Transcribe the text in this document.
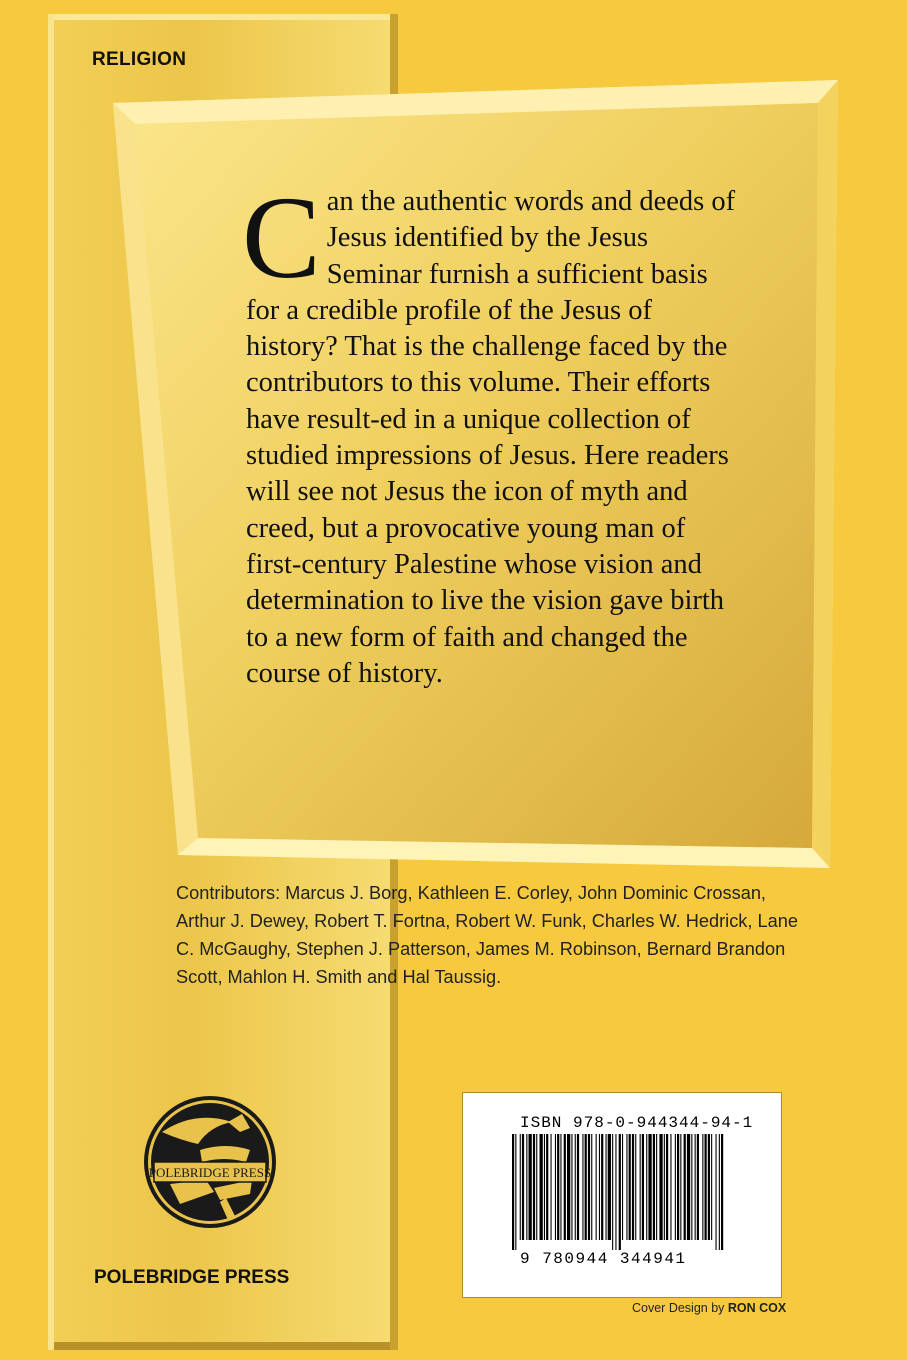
RELIGION
Can the authentic words and deeds of Jesus identified by the Jesus Seminar furnish a sufficient basis for a credible profile of the Jesus of history? That is the challenge faced by the contributors to this volume. Their efforts have result-ed in a unique collection of studied impressions of Jesus. Here readers will see not Jesus the icon of myth and creed, but a provocative young man of first-century Palestine whose vision and determination to live the vision gave birth to a new form of faith and changed the course of history.
Contributors: Marcus J. Borg, Kathleen E. Corley, John Dominic Crossan, Arthur J. Dewey, Robert T. Fortna, Robert W. Funk, Charles W. Hedrick, Lane C. McGaughy, Stephen J. Patterson, James M. Robinson, Bernard Brandon Scott, Mahlon H. Smith and Hal Taussig.
POLEBRIDGE PRESS
POLEBRIDGE PRESS
ISBN 978-0-944344-94-1
9 780944 344941
Cover Design by RON COX
